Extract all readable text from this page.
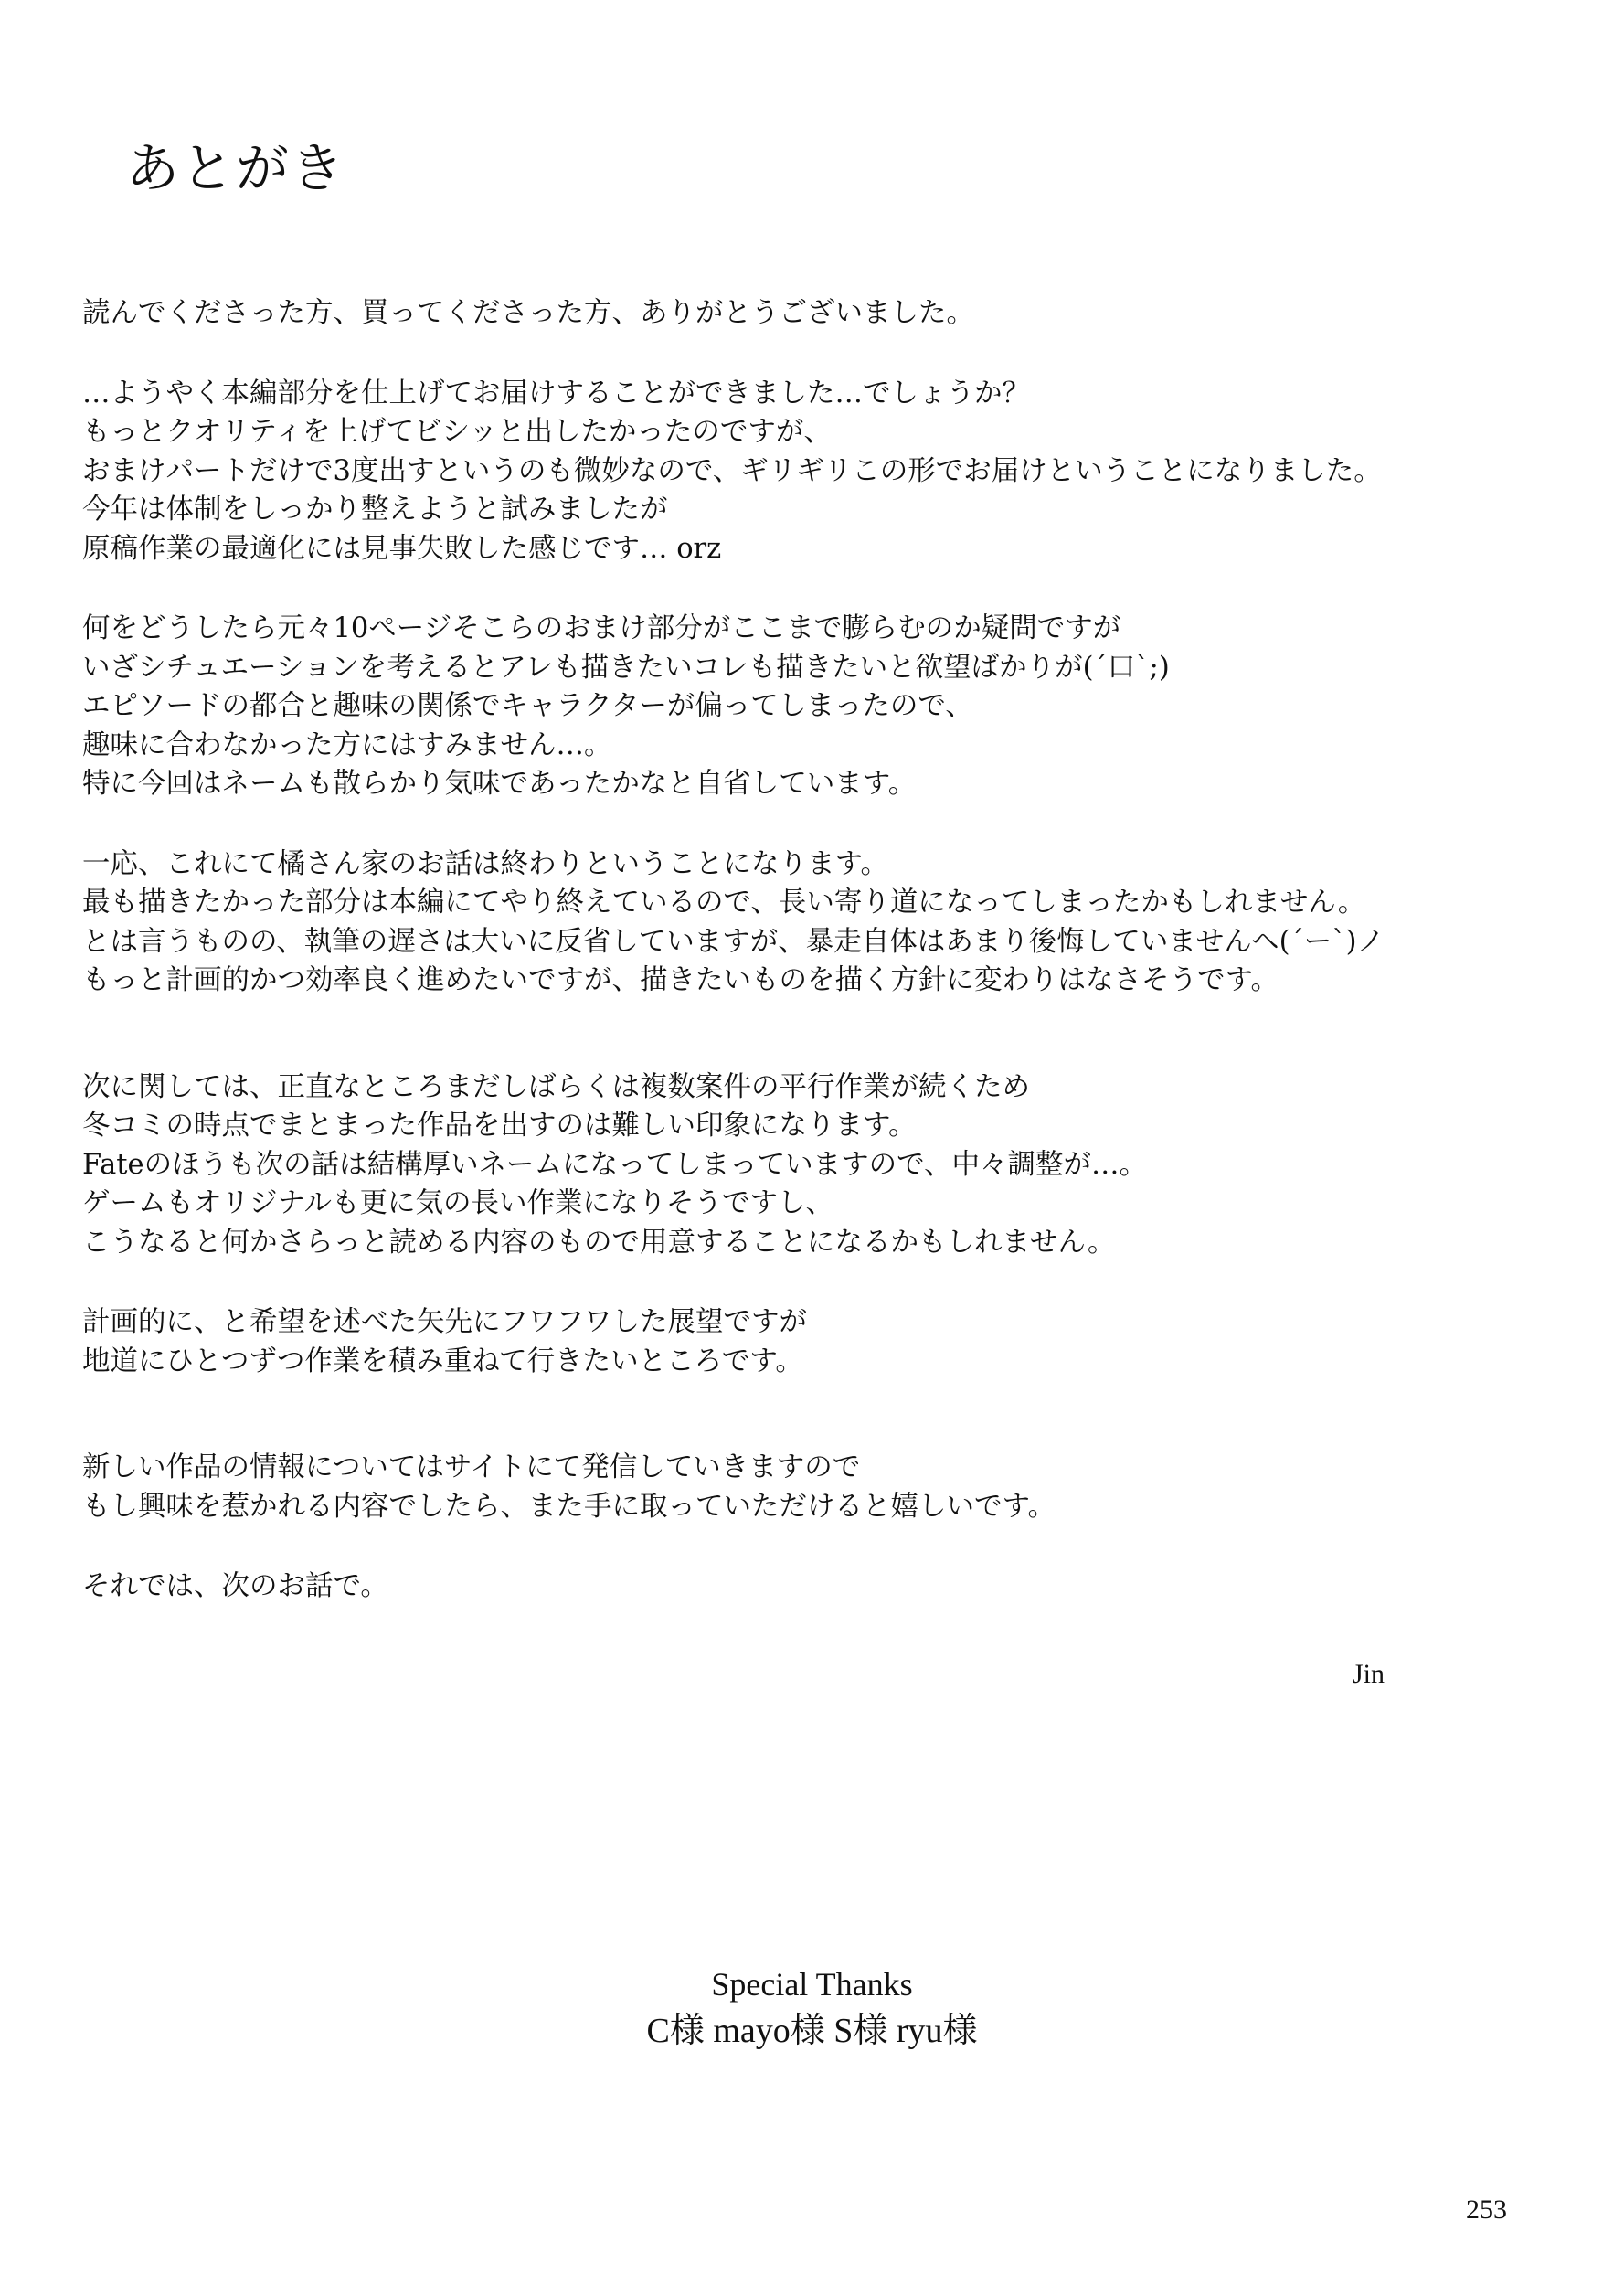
あとがき
読んでくださった方、買ってくださった方、ありがとうございました。
…ようやく本編部分を仕上げてお届けすることができました…でしょうか？
もっとクオリティを上げてビシッと出したかったのですが、
おまけパートだけで3度出すというのも微妙なので、ギリギリこの形でお届けということになりました。
今年は体制をしっかり整えようと試みましたが
原稿作業の最適化には見事失敗した感じです… orz
何をどうしたら元々10ページそこらのおまけ部分がここまで膨らむのか疑問ですが
いざシチュエーションを考えるとアレも描きたいコレも描きたいと欲望ばかりが(´口`;)
エピソードの都合と趣味の関係でキャラクターが偏ってしまったので、
趣味に合わなかった方にはすみません…。
特に今回はネームも散らかり気味であったかなと自省しています。
一応、これにて橘さん家のお話は終わりということになります。
最も描きたかった部分は本編にてやり終えているので、長い寄り道になってしまったかもしれません。
とは言うものの、執筆の遅さは大いに反省していますが、暴走自体はあまり後悔していませんヘ(´ー`)ノ
もっと計画的かつ効率良く進めたいですが、描きたいものを描く方針に変わりはなさそうです。
次に関しては、正直なところまだしばらくは複数案件の平行作業が続くため
冬コミの時点でまとまった作品を出すのは難しい印象になります。
Fateのほうも次の話は結構厚いネームになってしまっていますので、中々調整が…。
ゲームもオリジナルも更に気の長い作業になりそうですし、
こうなると何かさらっと読める内容のもので用意することになるかもしれません。
計画的に、と希望を述べた矢先にフワフワした展望ですが
地道にひとつずつ作業を積み重ねて行きたいところです。
新しい作品の情報についてはサイトにて発信していきますので
もし興味を惹かれる内容でしたら、また手に取っていただけると嬉しいです。
それでは、次のお話で。
Jin
Special Thanks
C様 mayo様 S様 ryu様
253
